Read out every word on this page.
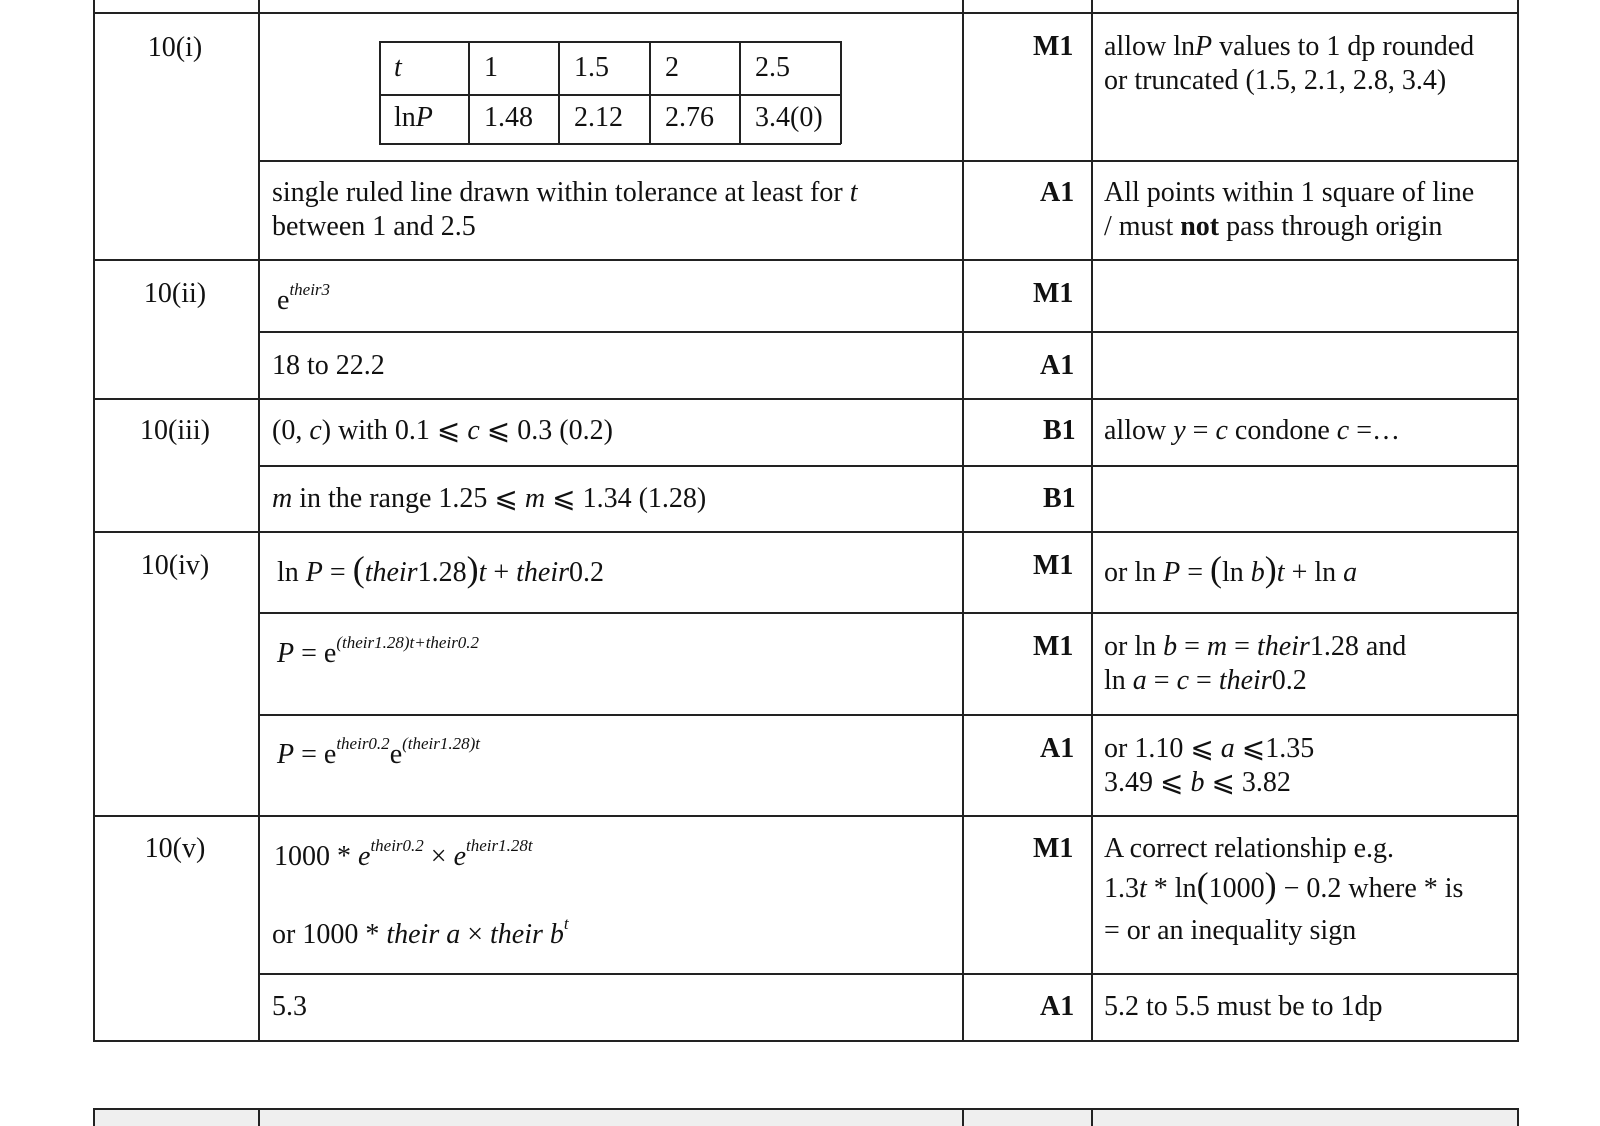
10(i)
t	1	1.5 2	2.5
lnP 1.48 2.12 2.76 3.4(0)
M1 allow lnP values to 1 dp rounded
or truncated (1.5, 2.1, 2.8, 3.4)
single ruled line drawn within tolerance at least for t
between 1 and 2.5
A1 All points within 1 square of line
/ must not pass through origin
10(ii)	$e^{their3}$	M1
18 to 22.2	A1
10(iii)	(0, c) with 0.1 ⩽ c ⩽ 0.3 (0.2)	B1 allow y = c condone c =…
m in the range 1.25 ⩽ m ⩽ 1.34 (1.28)	B1
10(iv)	ln P = (their1.28)t + their0.2	M1 or ln P = (ln b)t + ln a
$P = e^{(their1.28)t+their0.2}$	M1 or ln b = m = their1.28 and
ln a = c = their0.2
$P = e^{their0.2}e^{(their1.28)t}$	A1 or 1.10 ⩽ a ⩽1.35
3.49 ⩽ b ⩽ 3.82
10(v)	$1000 * e^{their0.2} \times e^{their1.28t}$
or 1000 * their a × their $b^t$
M1 A correct relationship e.g.
1.3t * ln(1000) − 0.2 where * is
= or an inequality sign
5.3	A1 5.2 to 5.5 must be to 1dp
